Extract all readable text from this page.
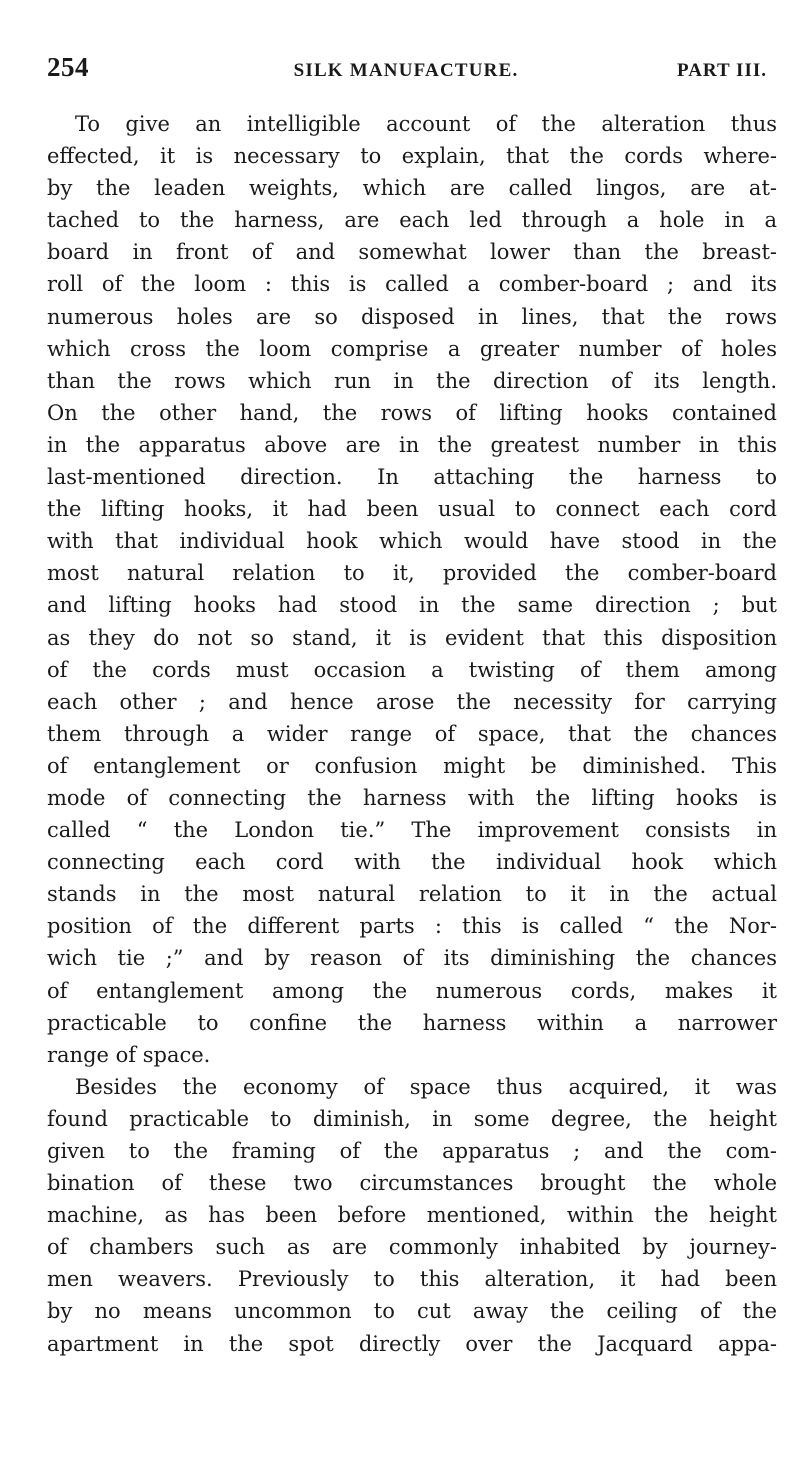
254	SILK MANUFACTURE.	PART III.
To give an intelligible account of the alteration thus
effected, it is necessary to explain, that the cords where-
by the leaden weights, which are called lingos, are at-
tached to the harness, are each led through a hole in a
board in front of and somewhat lower than the breast-
roll of the loom : this is called a comber-board ; and its
numerous holes are so disposed in lines, that the rows
which cross the loom comprise a greater number of holes
than the rows which run in the direction of its length.
On the other hand, the rows of lifting hooks contained
in the apparatus above are in the greatest number in this
last-mentioned direction. In attaching the harness to
the lifting hooks, it had been usual to connect each cord
with that individual hook which would have stood in the
most natural relation to it, provided the comber-board
and lifting hooks had stood in the same direction ; but
as they do not so stand, it is evident that this disposition
of the cords must occasion a twisting of them among
each other ; and hence arose the necessity for carrying
them through a wider range of space, that the chances
of entanglement or confusion might be diminished. This
mode of connecting the harness with the lifting hooks is
called “ the London tie.” The improvement consists in
connecting each cord with the individual hook which
stands in the most natural relation to it in the actual
position of the different parts : this is called “ the Nor-
wich tie ;” and by reason of its diminishing the chances
of entanglement among the numerous cords, makes it
practicable to confine the harness within a narrower
range of space.
Besides the economy of space thus acquired, it was
found practicable to diminish, in some degree, the height
given to the framing of the apparatus ; and the com-
bination of these two circumstances brought the whole
machine, as has been before mentioned, within the height
of chambers such as are commonly inhabited by journey-
men weavers. Previously to this alteration, it had been
by no means uncommon to cut away the ceiling of the
apartment in the spot directly over the Jacquard appa-
